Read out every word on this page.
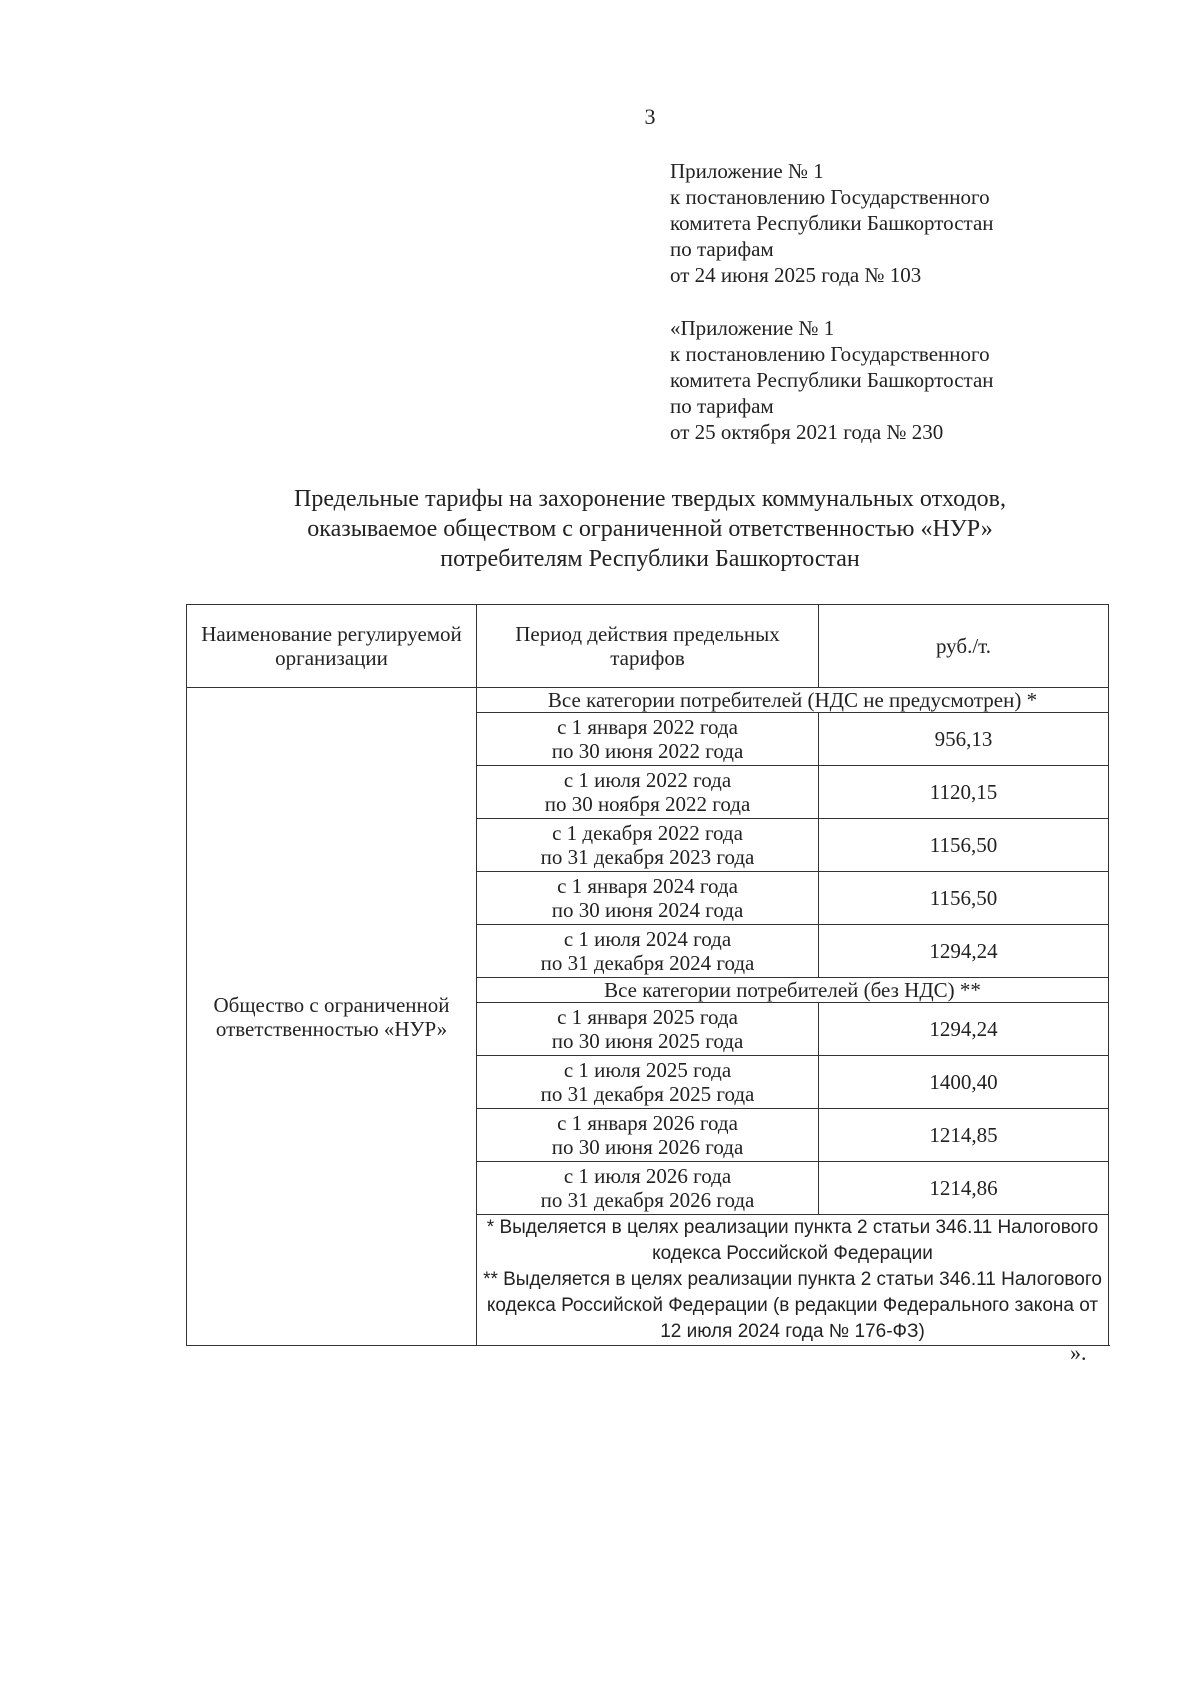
3
Приложение № 1
к постановлению Государственного
комитета Республики Башкортостан
по тарифам
от 24 июня 2025 года № 103
«Приложение № 1
к постановлению Государственного
комитета Республики Башкортостан
по тарифам
от 25 октября 2021 года № 230
Предельные тарифы на захоронение твердых коммунальных отходов,
оказываемое обществом с ограниченной ответственностью «НУР»
потребителям Республики Башкортостан
Наименование регулируемой организации	Период действия предельных тарифов	руб./т.
Общество с ограниченной ответственностью «НУР»	Все категории потребителей (НДС не предусмотрен) *	

	с 1 января 2022 года
по 30 июня 2022 года	956,13

	с 1 июля 2022 года
по 30 ноября 2022 года	1120,15

	с 1 декабря 2022 года
по 31 декабря 2023 года	1156,50

	с 1 января 2024 года
по 30 июня 2024 года	1156,50

	с 1 июля 2024 года
по 31 декабря 2024 года	1294,24
	Все категории потребителей (без НДС) **	

	с 1 января 2025 года
по 30 июня 2025 года	1294,24

	с 1 июля 2025 года
по 31 декабря 2025 года	1400,40

	с 1 января 2026 года
по 30 июня 2026 года	1214,85

	с 1 июля 2026 года
по 31 декабря 2026 года	1214,86

	* Выделяется в целях реализации пункта 2 статьи 346.11 Налогового кодекса Российской Федерации
** Выделяется в целях реализации пункта 2 статьи 346.11 Налогового кодекса Российской Федерации (в редакции Федерального закона от 12 июля 2024 года № 176-ФЗ)	
».
